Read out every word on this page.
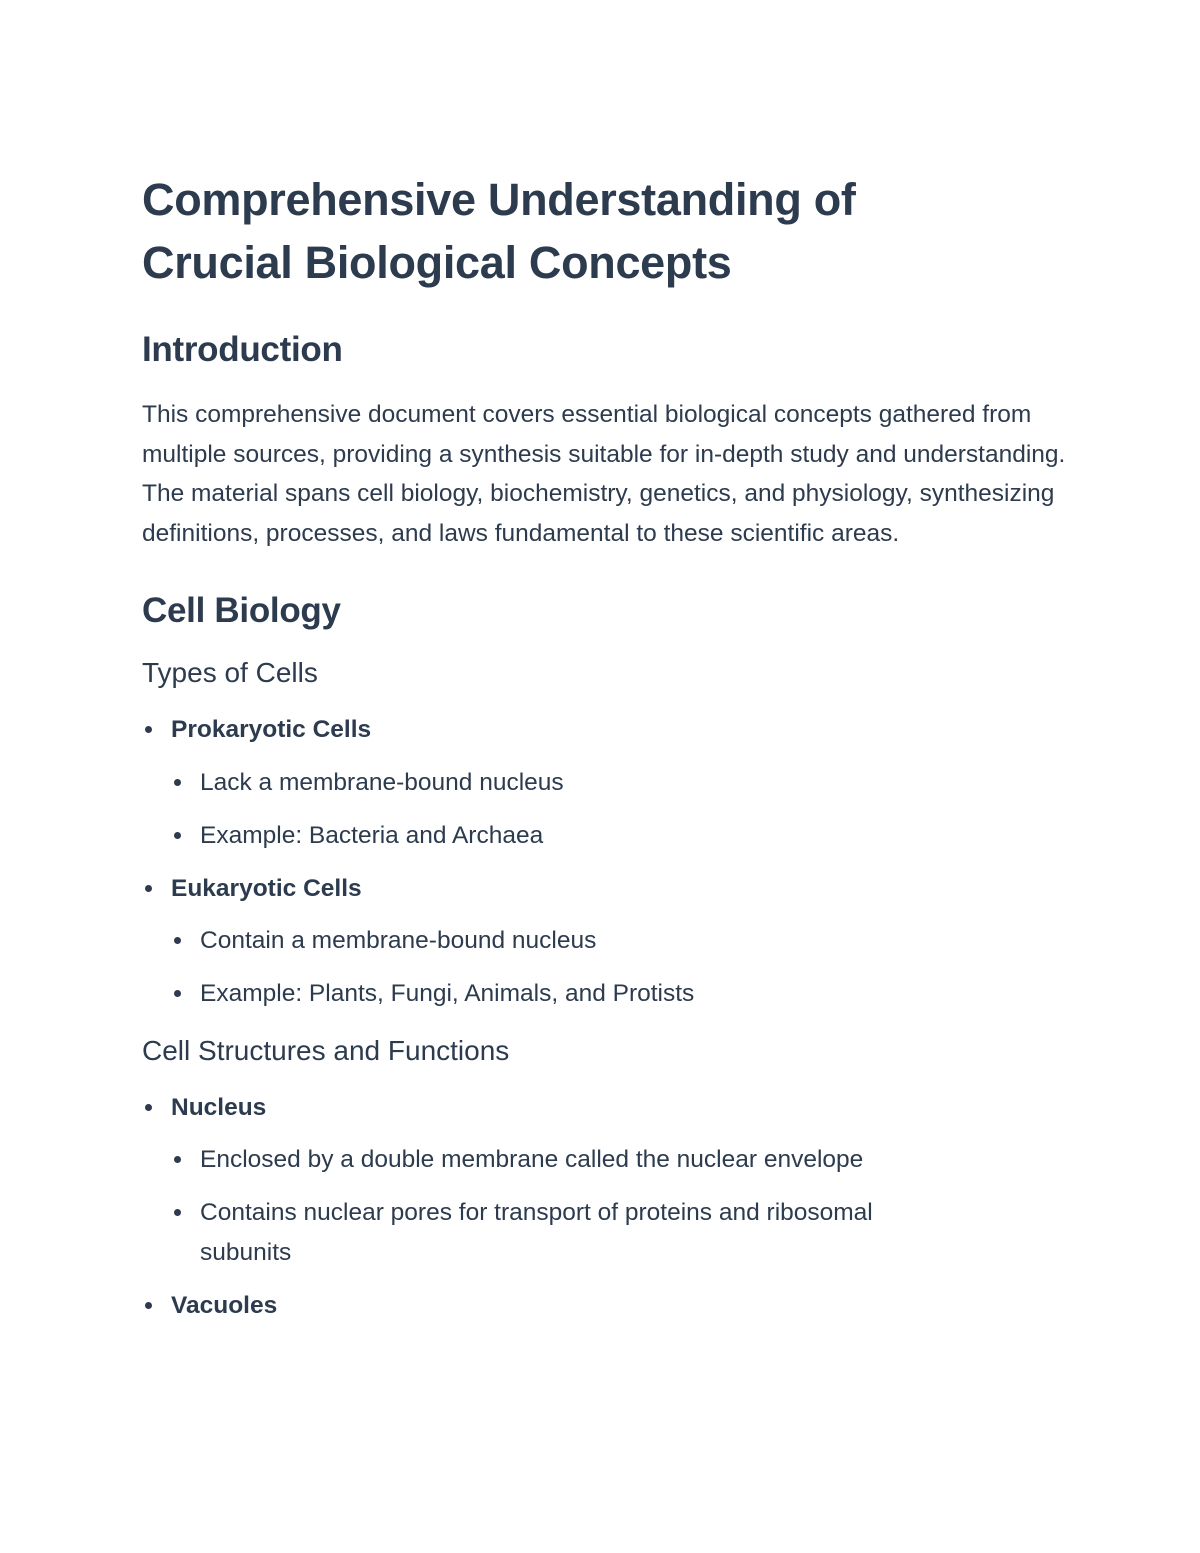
Comprehensive Understanding of
Crucial Biological Concepts
Introduction

This comprehensive document covers essential biological concepts gathered from multiple sources, providing a synthesis suitable for in-depth study and understanding. The material spans cell biology, biochemistry, genetics, and physiology, synthesizing definitions, processes, and laws fundamental to these scientific areas.

Cell Biology
Types of Cells
Prokaryotic Cells
Lack a membrane-bound nucleus
Example: Bacteria and Archaea
Eukaryotic Cells
Contain a membrane-bound nucleus
Example: Plants, Fungi, Animals, and Protists
Cell Structures and Functions
Nucleus
Enclosed by a double membrane called the nuclear envelope
Contains nuclear pores for transport of proteins and ribosomal subunits
Vacuoles
